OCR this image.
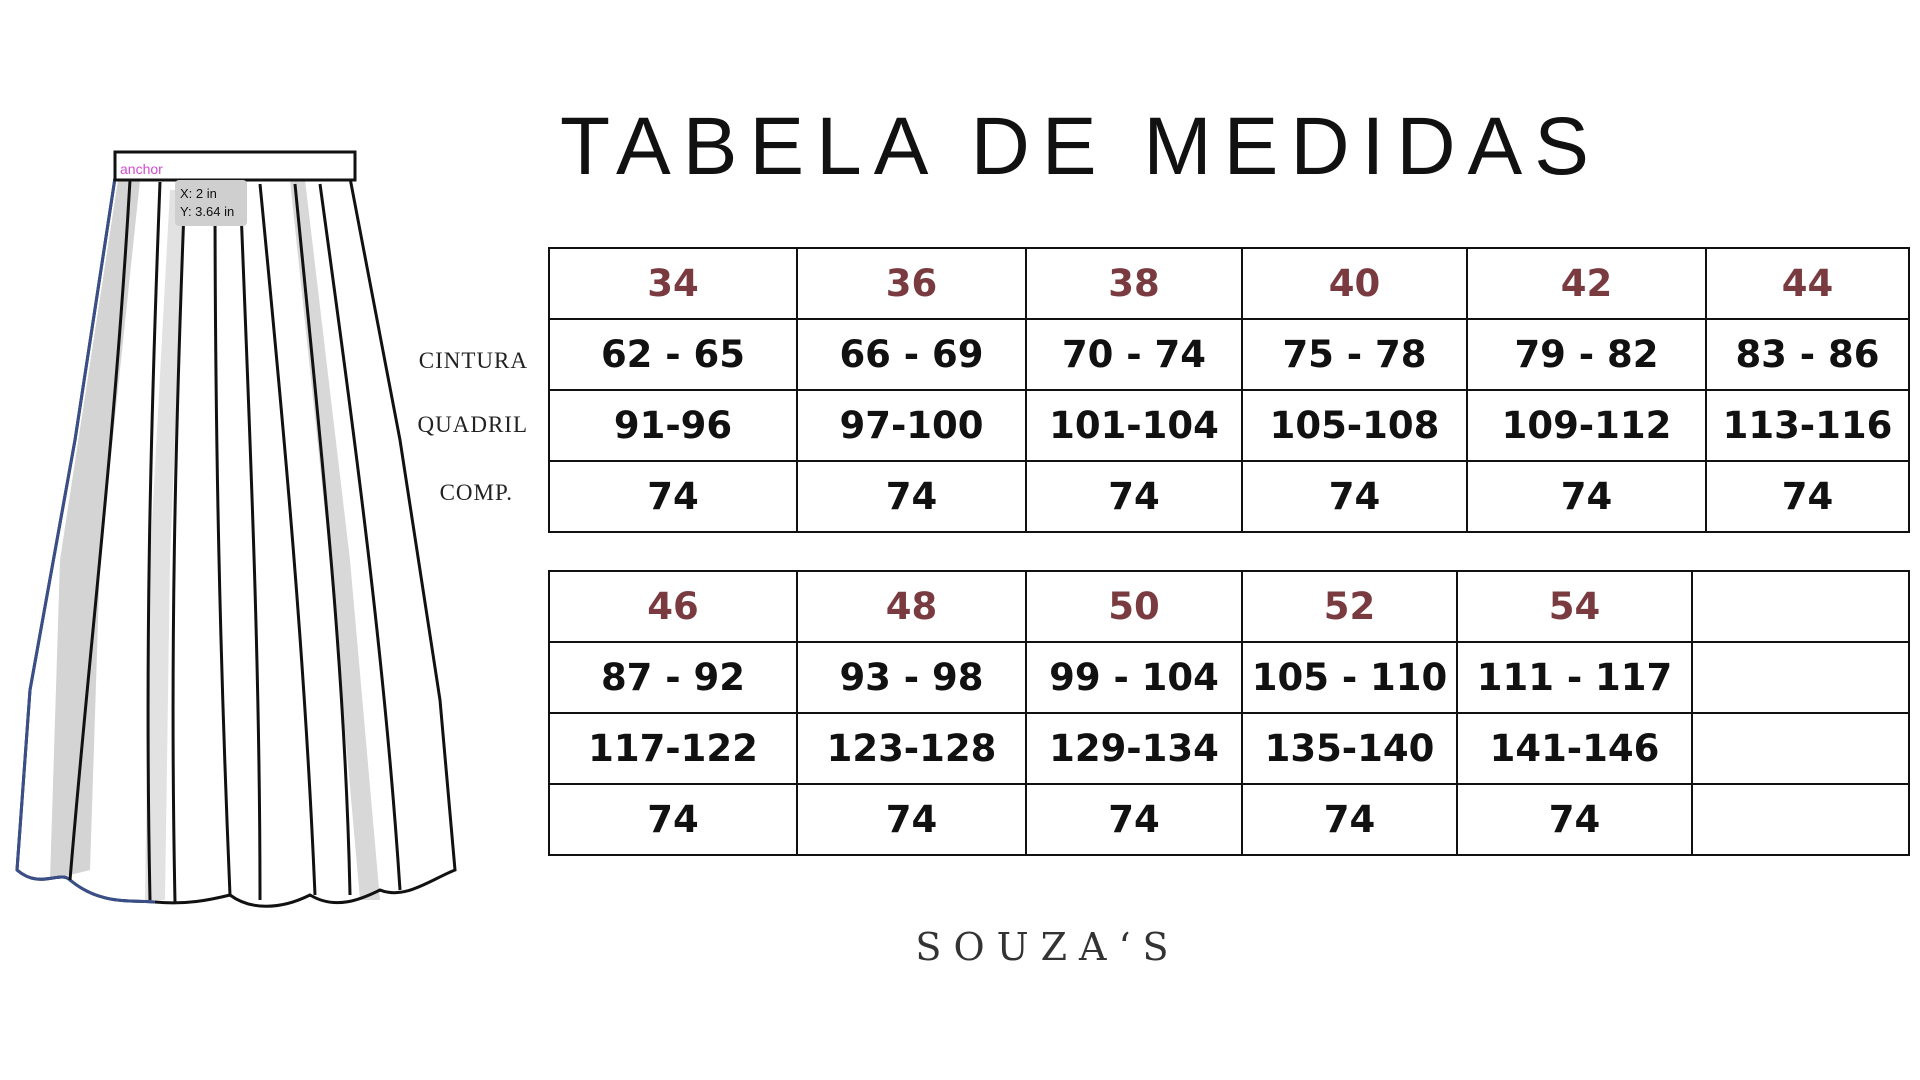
TABELA DE MEDIDAS
anchor
X: 2 in
Y: 3.64 in
CINTURA
QUADRIL
COMP.
34	36	38	40	42	44
62 - 65	66 - 69	70 - 74	75 - 78	79 - 82	83 - 86
91-96	97-100	101-104	105-108	109-112	113-116
74	74	74	74	74	74
46	48	50	52	54	
87 - 92	93 - 98	99 - 104	105 - 110	111 - 117	
117-122	123-128	129-134	135-140	141-146	
74	74	74	74	74	
SOUZA‘S
